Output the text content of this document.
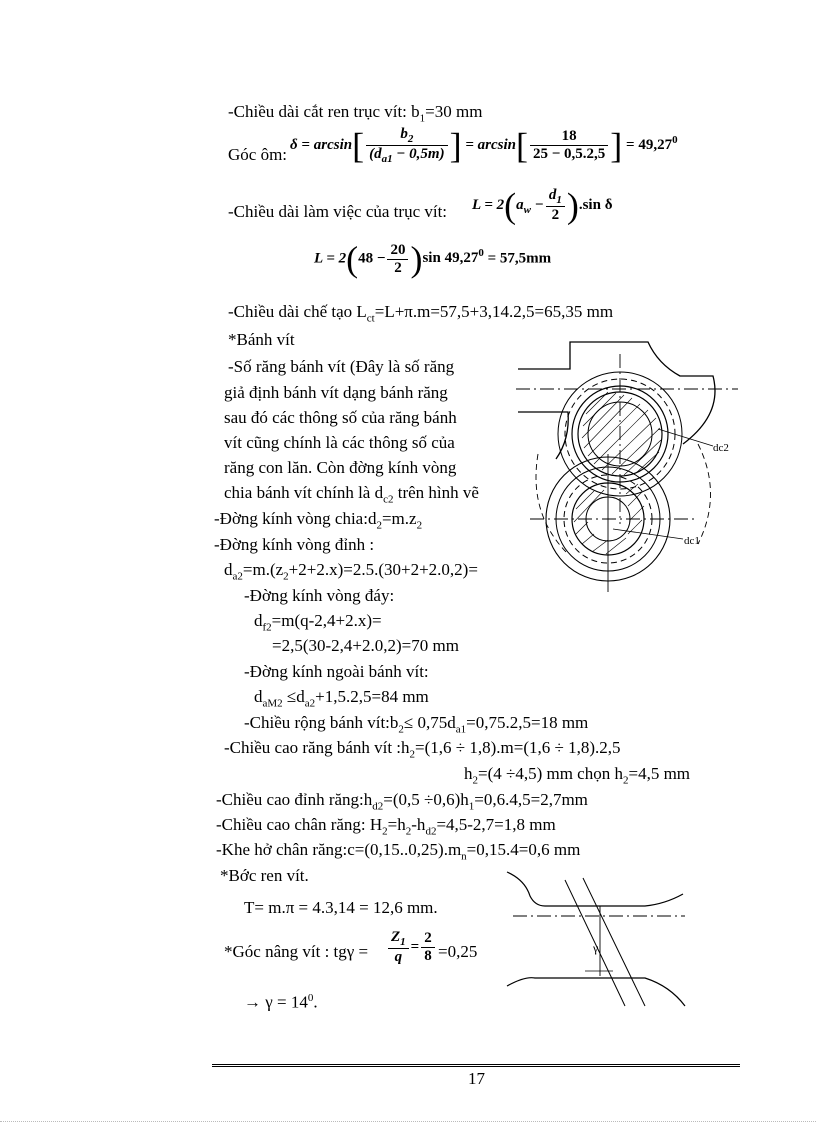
-Chiều dài cắt ren trục vít: $b_1=30$ mm
Góc ôm:
$\delta = \arcsin[ \frac{b_2}{(d_{a1} - 0,5m)}$ ] = $\arcsin[ \frac{18}{25 - 0,5.2,5}$ ] = $49,27^0$
-Chiều dài làm việc của trục vít: $L = 2(a_w - \frac{d_1}{2} ).\sin$ δ
$L = 2(48 - \frac{20}{2} )\sin$ $49,27^0 = 57,5mm$
-Chiều dài chế tạo $L_{ct}=L+\pi.m=57,5+3,14.2,5=65,35$ mm
*Bánh vít
-Số răng bánh vít (Đây là số răng
giả định bánh vít dạng bánh răng
sau đó các thông số của răng bánh
vít cũng chính là các thông số của
răng con lăn. Còn đờng kính vòng
chia bánh vít chính là $d_{c2}$ trên hình vẽ
-Đờng kính vòng $chia:d_2=m.z_2$
-Đờng kính vòng đỉnh :
$d_{a2}=m.(z_2+2+2.x)=2.5.(30+2+2.0,2)=$
-Đờng kính vòng đáy:
$d_{f2}=m(q-2,4+2.x)=$
=2,5(30-2,4+2.0,2)=70 mm
-Đờng kính ngoài bánh vít:
$d_{aM2} \le d_{a2}+1,5.2,5=84$ mm
-Chiều rộng bánh $vít:b_2\le 0,75d_{a1}=0,75.2,5=18$ mm
-Chiều cao răng bánh vít $:h_2=(1,6 \div 1,8).m=(1,6 \div 1,8).2,5$
$h_2=(4 \div 4,5)$ mm chọn $h_2=4,5$ mm
-Chiều cao đỉnh $răng:h_{d2}=(0,5 \div 0,6)h_1=0,6.4,5=2,7mm$
-Chiều cao chân răng: $H_2=h_2-h_{d2}=4,5-2,7=1,8$ mm
-Khe hở chân $răng:c=(0,15..0,25).m_n=0,15.4=0,6$ mm
*Bớc ren vít.
T= m.π = 4.3,14 = 12,6 mm.
*Góc nâng vít : $tg\gamma = \frac{Z_1}{q} = \frac{2}{8} =0,25$
→ $\gamma = 14^0$.
dc2
dc1
γ
17
